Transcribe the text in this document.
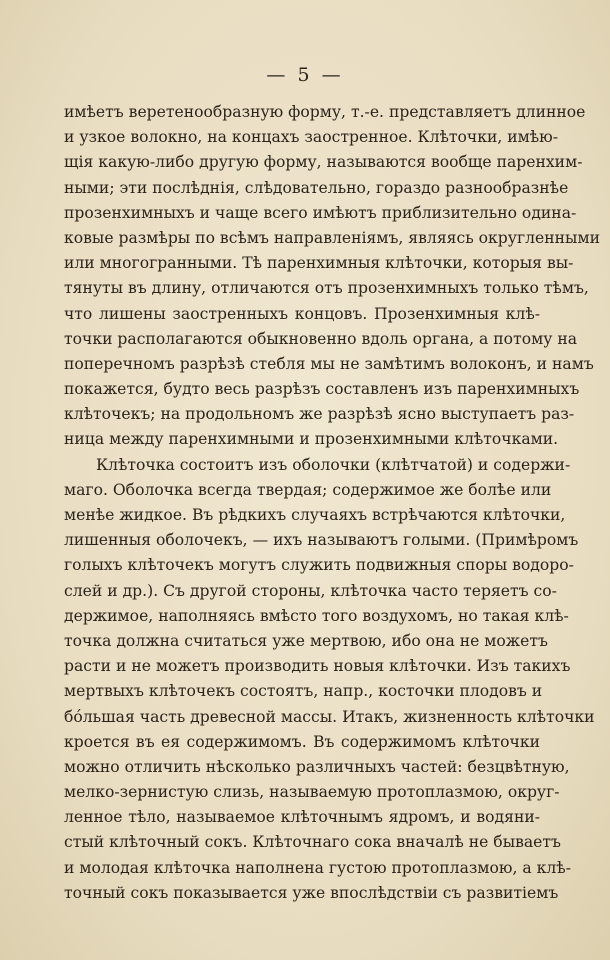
— 5 —
имѣетъ веретенообразную форму, т.-е. представляетъ длинное
и узкое волокно, на концахъ заостренное. Клѣточки, имѣю-
щія какую-либо другую форму, называются вообще паренхим-
ными; эти послѣднія, слѣдовательно, гораздо разнообразнѣе
прозенхимныхъ и чаще всего имѣютъ приблизительно одина-
ковые размѣры по всѣмъ направленіямъ, являясь округленными
или многогранными. Тѣ паренхимныя клѣточки, которыя вы-
тянуты въ длину, отличаются отъ прозенхимныхъ только тѣмъ,
что лишены заостренныхъ концовъ. Прозенхимныя клѣ-
точки располагаются обыкновенно вдоль органа, а потому на
поперечномъ разрѣзѣ стебля мы не замѣтимъ волоконъ, и намъ
покажется, будто весь разрѣзъ составленъ изъ паренхимныхъ
клѣточекъ; на продольномъ же разрѣзѣ ясно выступаетъ раз-
ница между паренхимными и прозенхимными клѣточками.
Клѣточка состоитъ изъ оболочки (клѣтчатой) и содержи-
маго. Оболочка всегда твердая; содержимое же болѣе или
менѣе жидкое. Въ рѣдкихъ случаяхъ встрѣчаются клѣточки,
лишенныя оболочекъ, — ихъ называютъ голыми. (Примѣромъ
голыхъ клѣточекъ могутъ служить подвижныя споры водоро-
слей и др.). Съ другой стороны, клѣточка часто теряетъ со-
держимое, наполняясь вмѣсто того воздухомъ, но такая клѣ-
точка должна считаться уже мертвою, ибо она не можетъ
расти и не можетъ производить новыя клѣточки. Изъ такихъ
мертвыхъ клѣточекъ состоятъ, напр., косточки плодовъ и
бо́льшая часть древесной массы. Итакъ, жизненность клѣточки
кроется въ ея содержимомъ. Въ содержимомъ клѣточки
можно отличить нѣсколько различныхъ частей: безцвѣтную,
мелко-зернистую слизь, называемую протоплазмою, округ-
ленное тѣло, называемое клѣточнымъ ядромъ, и водяни-
стый клѣточный сокъ. Клѣточнаго сока вначалѣ не бываетъ
и молодая клѣточка наполнена густою протоплазмою, а клѣ-
точный сокъ показывается уже впослѣдствіи съ развитіемъ
